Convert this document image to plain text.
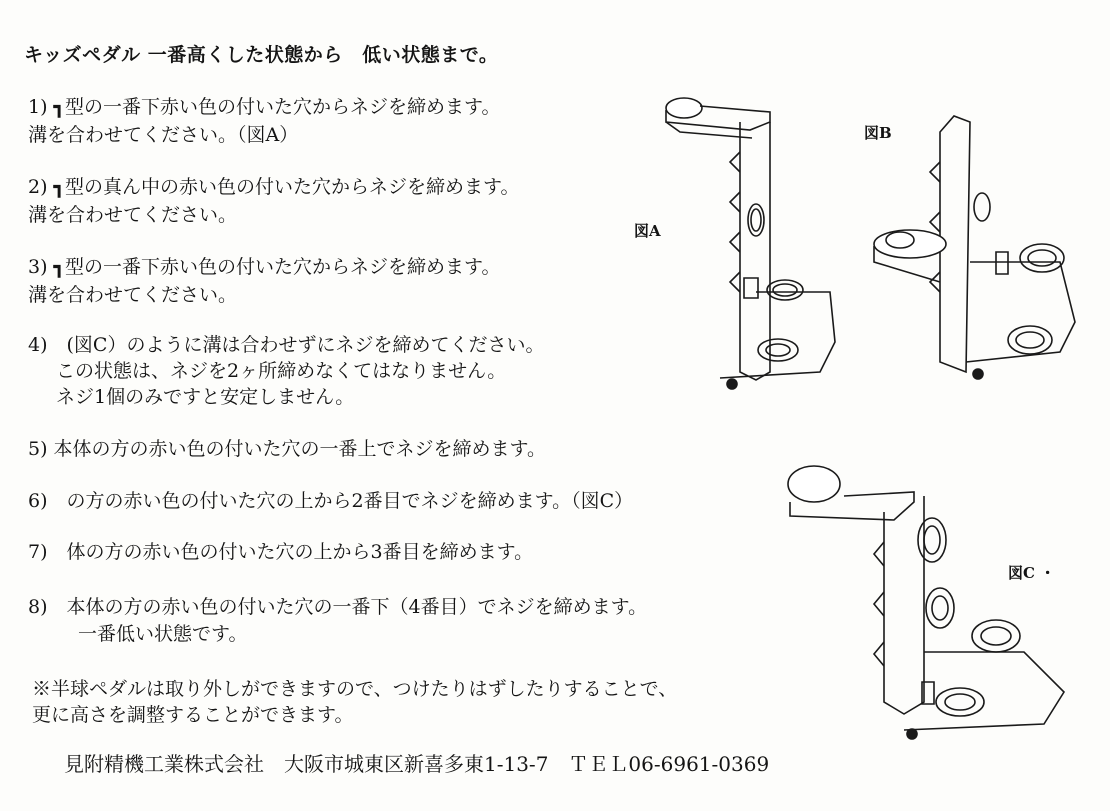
キッズペダル 一番高くした状態から　低い状態まで。
1) ┓型の一番下赤い色の付いた穴からネジを締めます。
溝を合わせてください。（図A）
2) ┓型の真ん中の赤い色の付いた穴からネジを締めます。
溝を合わせてください。
3) ┓型の一番下赤い色の付いた穴からネジを締めます。
溝を合わせてください。
4)　(図C）のように溝は合わせずにネジを締めてください。
この状態は、ネジを2ヶ所締めなくてはなりません。
ネジ1個のみですと安定しません。
5) 本体の方の赤い色の付いた穴の一番上でネジを締めます。
6)　の方の赤い色の付いた穴の上から2番目でネジを締めます。（図C）
7)　体の方の赤い色の付いた穴の上から3番目を締めます。
8)　本体の方の赤い色の付いた穴の一番下（4番目）でネジを締めます。
一番低い状態です。
※半球ペダルは取り外しができますので、つけたりはずしたりすることで、
更に高さを調整することができます。
見附精機工業株式会社　大阪市城東区新喜多東1-13-7　ＴＥＬ06-6961-0369
図A
図B
図C ・
